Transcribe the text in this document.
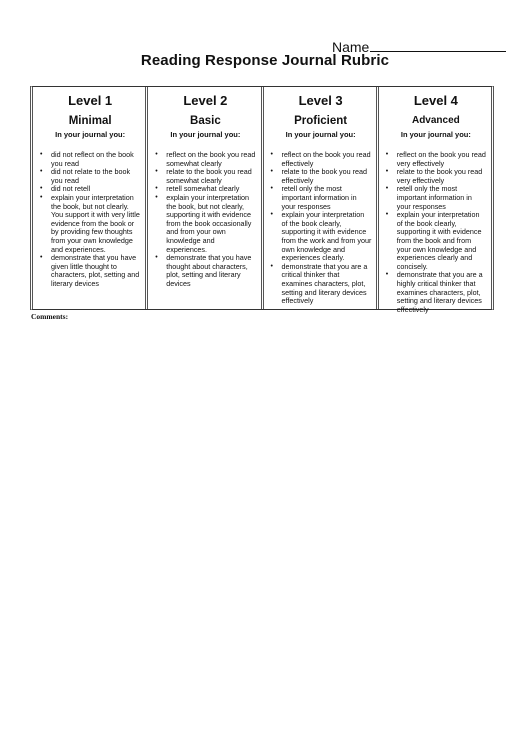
Name
Reading Response Journal Rubric
Level 1
Minimal
In your journal you:
• did not reflect on the book you read
• did not relate to the book you read
• did not retell
• explain your interpretation the book, but not clearly. You support it with very little evidence from the book or by providing few thoughts from your own knowledge and experiences.
• demonstrate that you have given little thought to characters, plot, setting and literary devices
Level 2
Basic
In your journal you:
• reflect on the book you read somewhat clearly
• relate to the book you read somewhat clearly
• retell somewhat clearly
• explain your interpretation the book, but not clearly, supporting it with evidence from the book occasionally and from your own knowledge and experiences.
• demonstrate that you have thought about characters, plot, setting and literary devices
Level 3
Proficient
In your journal you:
• reflect on the book you read effectively
• relate to the book you read effectively
• retell only the most important information in your responses
• explain your interpretation of the book clearly, supporting it with evidence from the work and from your own knowledge and experiences clearly.
• demonstrate that you are a critical thinker that examines characters, plot, setting and literary devices effectively
Level 4
Advanced
In your journal you:
• reflect on the book you read very effectively
• relate to the book you read very effectively
• retell only the most important information in your responses
• explain your interpretation of the book clearly, supporting it with evidence from the book and from your own knowledge and experiences clearly and concisely.
• demonstrate that you are a highly critical thinker that examines characters, plot, setting and literary devices effectively
Comments:
